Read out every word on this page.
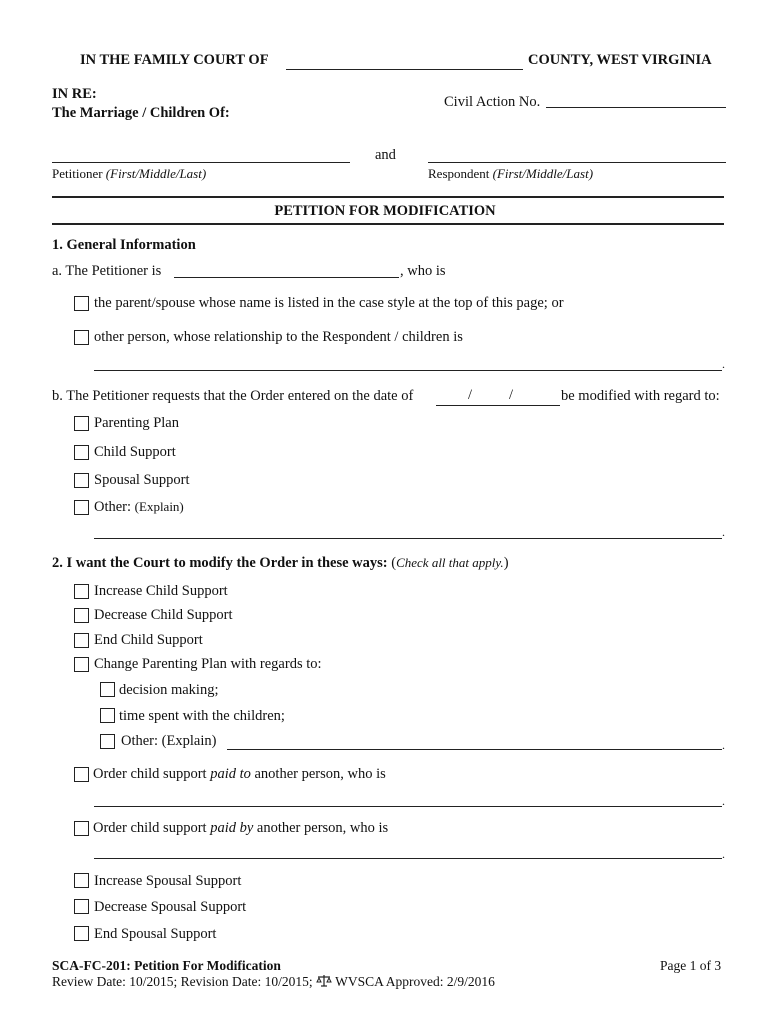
IN THE FAMILY COURT OF	COUNTY, WEST VIRGINIA
IN RE:
The Marriage / Children Of:
Civil Action No.
and
Petitioner (First/Middle/Last)	Respondent (First/Middle/Last)
PETITION FOR MODIFICATION
1. General Information
a. The Petitioner is	, who is
the parent/spouse whose name is listed in the case style at the top of this page; or
other person, whose relationship to the Respondent / children is
.
b. The Petitioner requests that the Order entered on the date of	/	/	be modified with regard to:
Parenting Plan
Child Support
Spousal Support
Other: (Explain)
.
2. I want the Court to modify the Order in these ways: (Check all that apply.)
Increase Child Support
Decrease Child Support
End Child Support
Change Parenting Plan with regards to:
decision making;
time spent with the children;
Other: (Explain)	.
Order child support paid to another person, who is
.
Order child support paid by another person, who is
.
Increase Spousal Support
Decrease Spousal Support
End Spousal Support
SCA-FC-201: Petition For Modification
Review Date: 10/2015; Revision Date: 10/2015; WVSCA Approved: 2/9/2016
Page 1 of 3
